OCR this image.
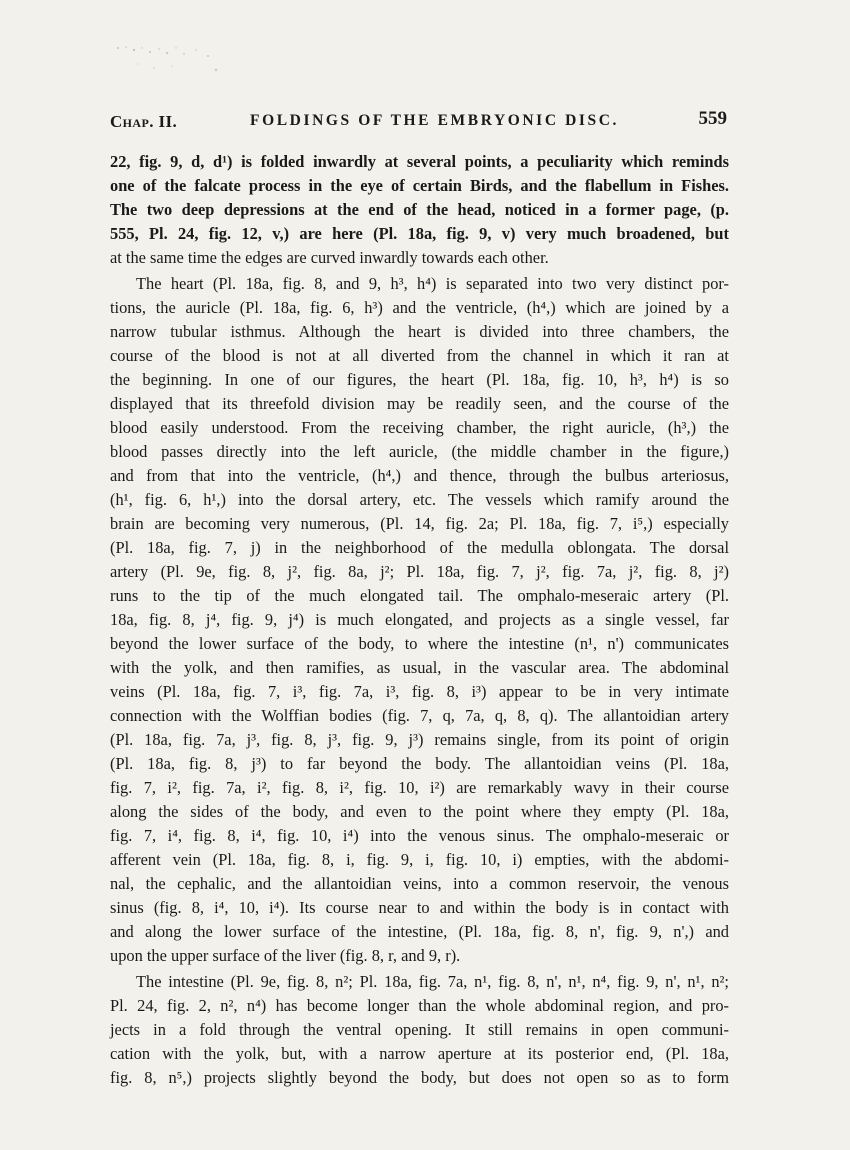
Chap. II.	FOLDINGS OF THE EMBRYONIC DISC.	559
22, fig. 9, d, d¹) is folded inwardly at several points, a peculiarity which reminds
one of the falcate process in the eye of certain Birds, and the flabellum in Fishes.
The two deep depressions at the end of the head, noticed in a former page, (p.
555, Pl. 24, fig. 12, v,) are here (Pl. 18a, fig. 9, v) very much broadened, but
at the same time the edges are curved inwardly towards each other.
The heart (Pl. 18a, fig. 8, and 9, h³, h⁴) is separated into two very distinct por-
tions, the auricle (Pl. 18a, fig. 6, h³) and the ventricle, (h⁴,) which are joined by a
narrow tubular isthmus. Although the heart is divided into three chambers, the
course of the blood is not at all diverted from the channel in which it ran at
the beginning. In one of our figures, the heart (Pl. 18a, fig. 10, h³, h⁴) is so
displayed that its threefold division may be readily seen, and the course of the
blood easily understood. From the receiving chamber, the right auricle, (h³,) the
blood passes directly into the left auricle, (the middle chamber in the figure,)
and from that into the ventricle, (h⁴,) and thence, through the bulbus arteriosus,
(h¹, fig. 6, h¹,) into the dorsal artery, etc. The vessels which ramify around the
brain are becoming very numerous, (Pl. 14, fig. 2a; Pl. 18a, fig. 7, i⁵,) especially
(Pl. 18a, fig. 7, j) in the neighborhood of the medulla oblongata. The dorsal
artery (Pl. 9e, fig. 8, j², fig. 8a, j²; Pl. 18a, fig. 7, j², fig. 7a, j², fig. 8, j²)
runs to the tip of the much elongated tail. The omphalo-meseraic artery (Pl.
18a, fig. 8, j⁴, fig. 9, j⁴) is much elongated, and projects as a single vessel, far
beyond the lower surface of the body, to where the intestine (n¹, n') communicates
with the yolk, and then ramifies, as usual, in the vascular area. The abdominal
veins (Pl. 18a, fig. 7, i³, fig. 7a, i³, fig. 8, i³) appear to be in very intimate
connection with the Wolffian bodies (fig. 7, q, 7a, q, 8, q). The allantoidian artery
(Pl. 18a, fig. 7a, j³, fig. 8, j³, fig. 9, j³) remains single, from its point of origin
(Pl. 18a, fig. 8, j³) to far beyond the body. The allantoidian veins (Pl. 18a,
fig. 7, i², fig. 7a, i², fig. 8, i², fig. 10, i²) are remarkably wavy in their course
along the sides of the body, and even to the point where they empty (Pl. 18a,
fig. 7, i⁴, fig. 8, i⁴, fig. 10, i⁴) into the venous sinus. The omphalo-meseraic or
afferent vein (Pl. 18a, fig. 8, i, fig. 9, i, fig. 10, i) empties, with the abdomi-
nal, the cephalic, and the allantoidian veins, into a common reservoir, the venous
sinus (fig. 8, i⁴, 10, i⁴). Its course near to and within the body is in contact with
and along the lower surface of the intestine, (Pl. 18a, fig. 8, n', fig. 9, n',) and
upon the upper surface of the liver (fig. 8, r, and 9, r).
The intestine (Pl. 9e, fig. 8, n²; Pl. 18a, fig. 7a, n¹, fig. 8, n', n¹, n⁴, fig. 9, n', n¹, n²;
Pl. 24, fig. 2, n², n⁴) has become longer than the whole abdominal region, and pro-
jects in a fold through the ventral opening. It still remains in open communi-
cation with the yolk, but, with a narrow aperture at its posterior end, (Pl. 18a,
fig. 8, n⁵,) projects slightly beyond the body, but does not open so as to form
